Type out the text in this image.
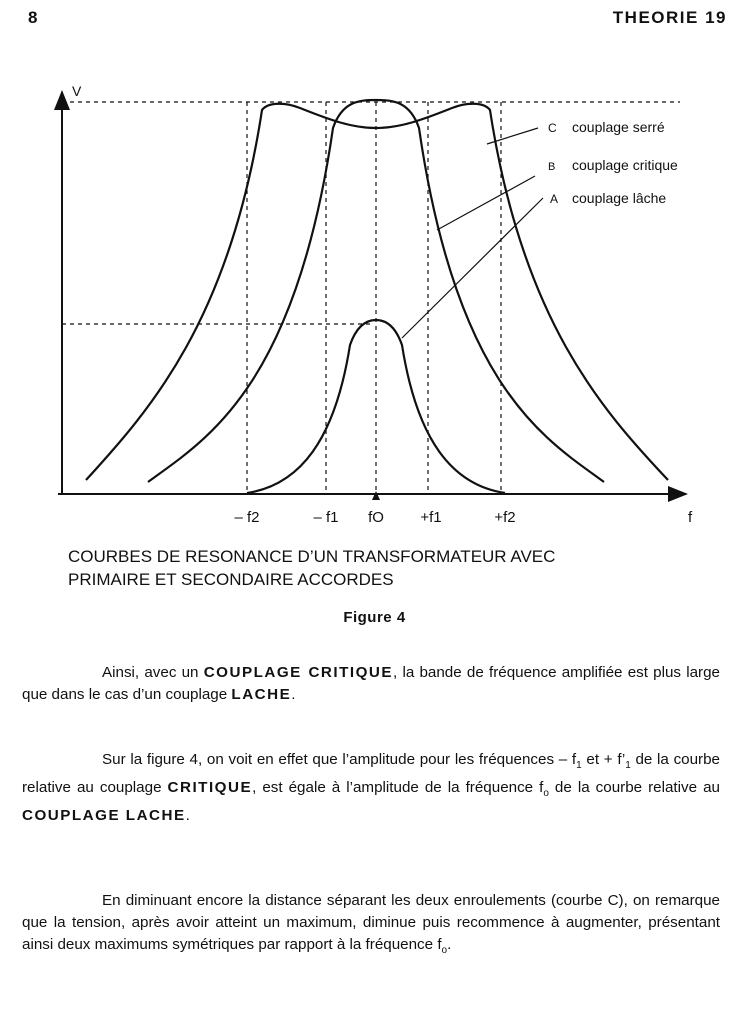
8	THEORIE 19
V
C couplage serré
B couplage critique
A couplage lâche
– f2	– f1 fO +f1	+f2	f
COURBES DE RESONANCE D’UN TRANSFORMATEUR AVEC
PRIMAIRE ET SECONDAIRE ACCORDES
Figure 4

Ainsi, avec un COUPLAGE CRITIQUE, la bande de fréquence amplifiée est plus large que dans le cas d’un couplage LACHE.

Sur la figure 4, on voit en effet que l’amplitude pour les fréquences – $f_1$ et + $f’_1$ de la courbe relative au couplage CRITIQUE, est égale à l’amplitude de la fréquence $f_o$ de la courbe relative au COUPLAGE LACHE.

En diminuant encore la distance séparant les deux enroulements (courbe C), on remarque que la tension, après avoir atteint un maximum, diminue puis recommence à augmenter, présentant ainsi deux maximums symétriques par rapport à la fréquence $f_o$.
